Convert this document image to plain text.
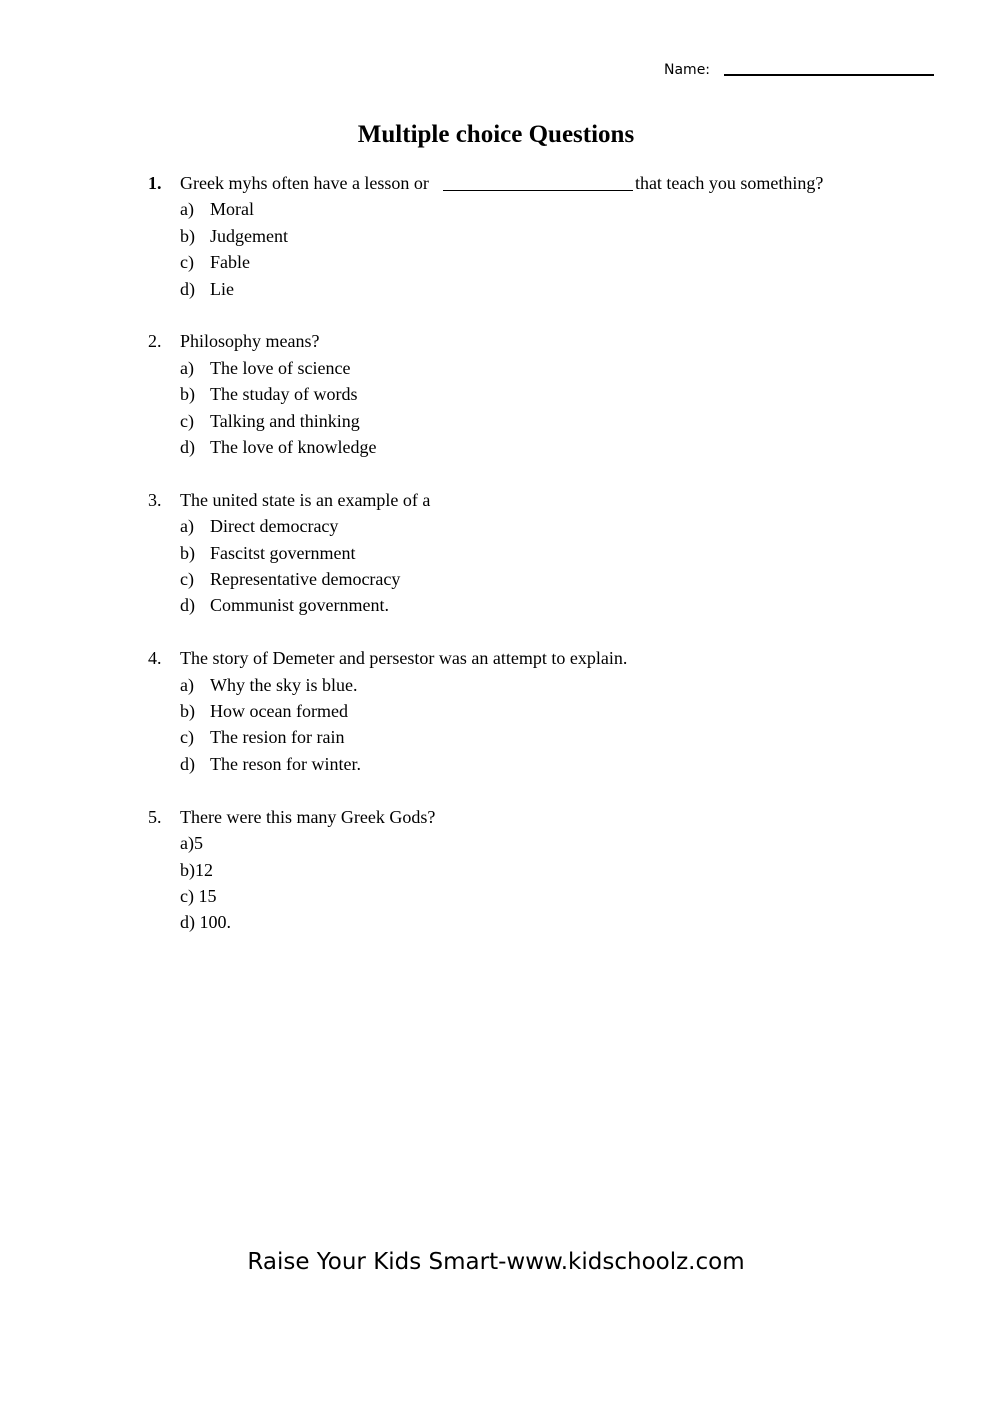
Name:
Multiple choice Questions
1. Greek myhs often have a lesson or	that teach you something?
a) Moral
b) Judgement
c) Fable
d) Lie
2. Philosophy means?
a) The love of science
b) The studay of words
c) Talking and thinking
d) The love of knowledge
3. The united state is an example of a
a) Direct democracy
b) Fascitst government
c) Representative democracy
d) Communist government.
4. The story of Demeter and persestor was an attempt to explain.
a) Why the sky is blue.
b) How ocean formed
c) The resion for rain
d) The reson for winter.
5. There were this many Greek Gods?
a)5
b)12
c) 15
d) 100.
Raise Your Kids Smart-www.kidschoolz.com
